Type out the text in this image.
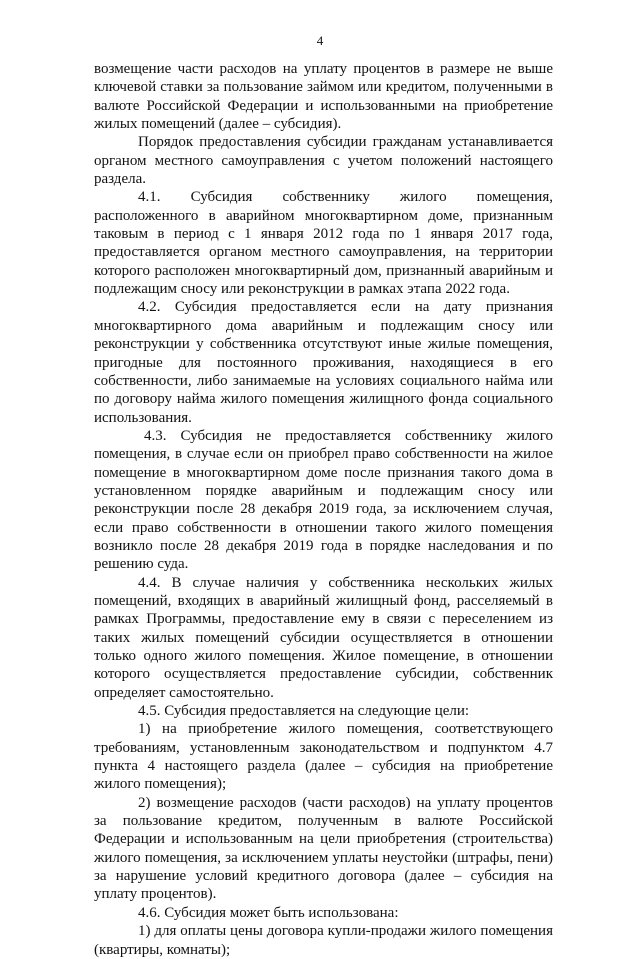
4

возмещение части расходов на уплату процентов в размере не выше ключевой ставки за пользование займом или кредитом, полученными в валюте Российской Федерации и использованными на приобретение жилых помещений (далее – субсидия).

Порядок предоставления субсидии гражданам устанавливается органом местного самоуправления с учетом положений настоящего раздела.

4.1. Субсидия собственнику жилого помещения, расположенного в аварийном многоквартирном доме, признанным таковым в период с 1 января 2012 года по 1 января 2017 года, предоставляется органом местного самоуправления, на территории которого расположен многоквартирный дом, признанный аварийным и подлежащим сносу или реконструкции в рамках этапа 2022 года.

4.2. Субсидия предоставляется если на дату признания многоквартирного дома аварийным и подлежащим сносу или реконструкции у собственника отсутствуют иные жилые помещения, пригодные для постоянного проживания, находящиеся в его собственности, либо занимаемые на условиях социального найма или по договору найма жилого помещения жилищного фонда социального использования.

4.3. Субсидия не предоставляется собственнику жилого помещения, в случае если он приобрел право собственности на жилое помещение в многоквартирном доме после признания такого дома в установленном порядке аварийным и подлежащим сносу или реконструкции после 28 декабря 2019 года, за исключением случая, если право собственности в отношении такого жилого помещения возникло после 28 декабря 2019 года в порядке наследования и по решению суда.

4.4. В случае наличия у собственника нескольких жилых помещений, входящих в аварийный жилищный фонд, расселяемый в рамках Программы, предоставление ему в связи с переселением из таких жилых помещений субсидии осуществляется в отношении только одного жилого помещения. Жилое помещение, в отношении которого осуществляется предоставление субсидии, собственник определяет самостоятельно.

4.5. Субсидия предоставляется на следующие цели:

1) на приобретение жилого помещения, соответствующего требованиям, установленным законодательством и подпунктом 4.7 пункта 4 настоящего раздела (далее – субсидия на приобретение жилого помещения);

2) возмещение расходов (части расходов) на уплату процентов за пользование кредитом, полученным в валюте Российской Федерации и использованным на цели приобретения (строительства) жилого помещения, за исключением уплаты неустойки (штрафы, пени) за нарушение условий кредитного договора (далее – субсидия на уплату процентов).

4.6. Субсидия может быть использована:

1) для оплаты цены договора купли-продажи жилого помещения (квартиры, комнаты);
